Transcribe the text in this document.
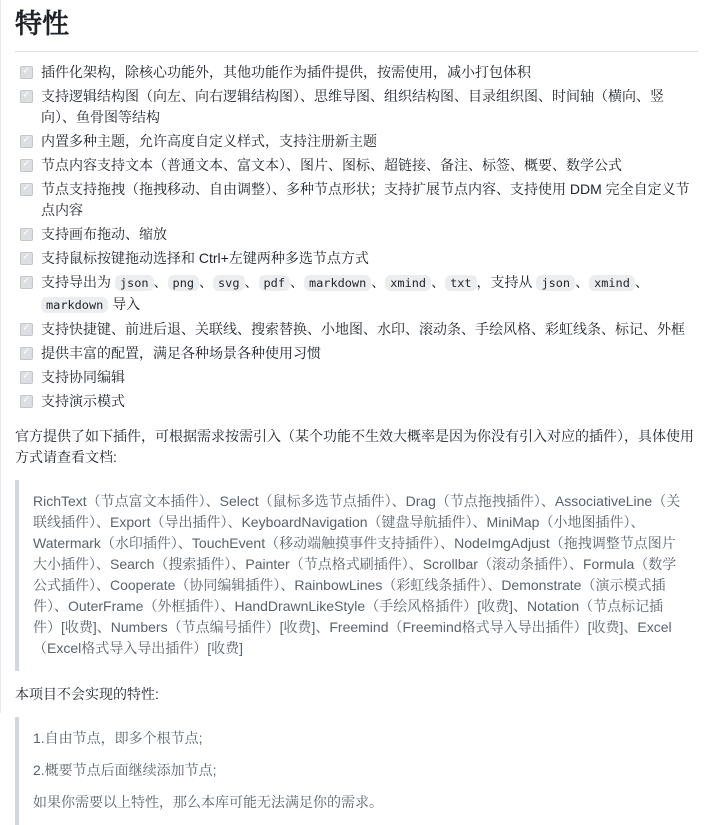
特性
✓ 插件化架构，除核心功能外，其他功能作为插件提供，按需使用，减小打包体积
✓ 支持逻辑结构图（向左、向右逻辑结构图）、思维导图、组织结构图、目录组织图、时间轴（横向、竖向）、鱼骨图等结构
✓ 内置多种主题，允许高度自定义样式，支持注册新主题
✓ 节点内容支持文本（普通文本、富文本）、图片、图标、超链接、备注、标签、概要、数学公式
✓ 节点支持拖拽（拖拽移动、自由调整）、多种节点形状；支持扩展节点内容、支持使用 DDM 完全自定义节点内容
✓ 支持画布拖动、缩放
✓ 支持鼠标按键拖动选择和 Ctrl+左键两种多选节点方式
✓ 支持导出为 json 、 png 、 svg 、 pdf 、 markdown 、 xmind 、 txt ，支持从 json 、 xmind 、markdown 导入
✓ 支持快捷键、前进后退、关联线、搜索替换、小地图、水印、滚动条、手绘风格、彩虹线条、标记、外框
✓ 提供丰富的配置，满足各种场景各种使用习惯
✓ 支持协同编辑
✓ 支持演示模式

官方提供了如下插件，可根据需求按需引入（某个功能不生效大概率是因为你没有引入对应的插件），具体使用方式请查看文档:

RichText（节点富文本插件）、Select（鼠标多选节点插件）、Drag（节点拖拽插件）、AssociativeLine（关联线插件）、Export（导出插件）、KeyboardNavigation（键盘导航插件）、MiniMap（小地图插件）、Watermark（水印插件）、TouchEvent（移动端触摸事件支持插件）、NodeImgAdjust（拖拽调整节点图片大小插件）、Search（搜索插件）、Painter（节点格式刷插件）、Scrollbar（滚动条插件）、Formula（数学公式插件）、Cooperate（协同编辑插件）、RainbowLines（彩虹线条插件）、Demonstrate（演示模式插件）、OuterFrame（外框插件）、HandDrawnLikeStyle（手绘风格插件）[收费]、Notation（节点标记插件）[收费]、Numbers（节点编号插件）[收费]、Freemind（Freemind格式导入导出插件）[收费]、Excel（Excel格式导入导出插件）[收费]

本项目不会实现的特性:

1.自由节点，即多个根节点;

2.概要节点后面继续添加节点;

如果你需要以上特性，那么本库可能无法满足你的需求。
